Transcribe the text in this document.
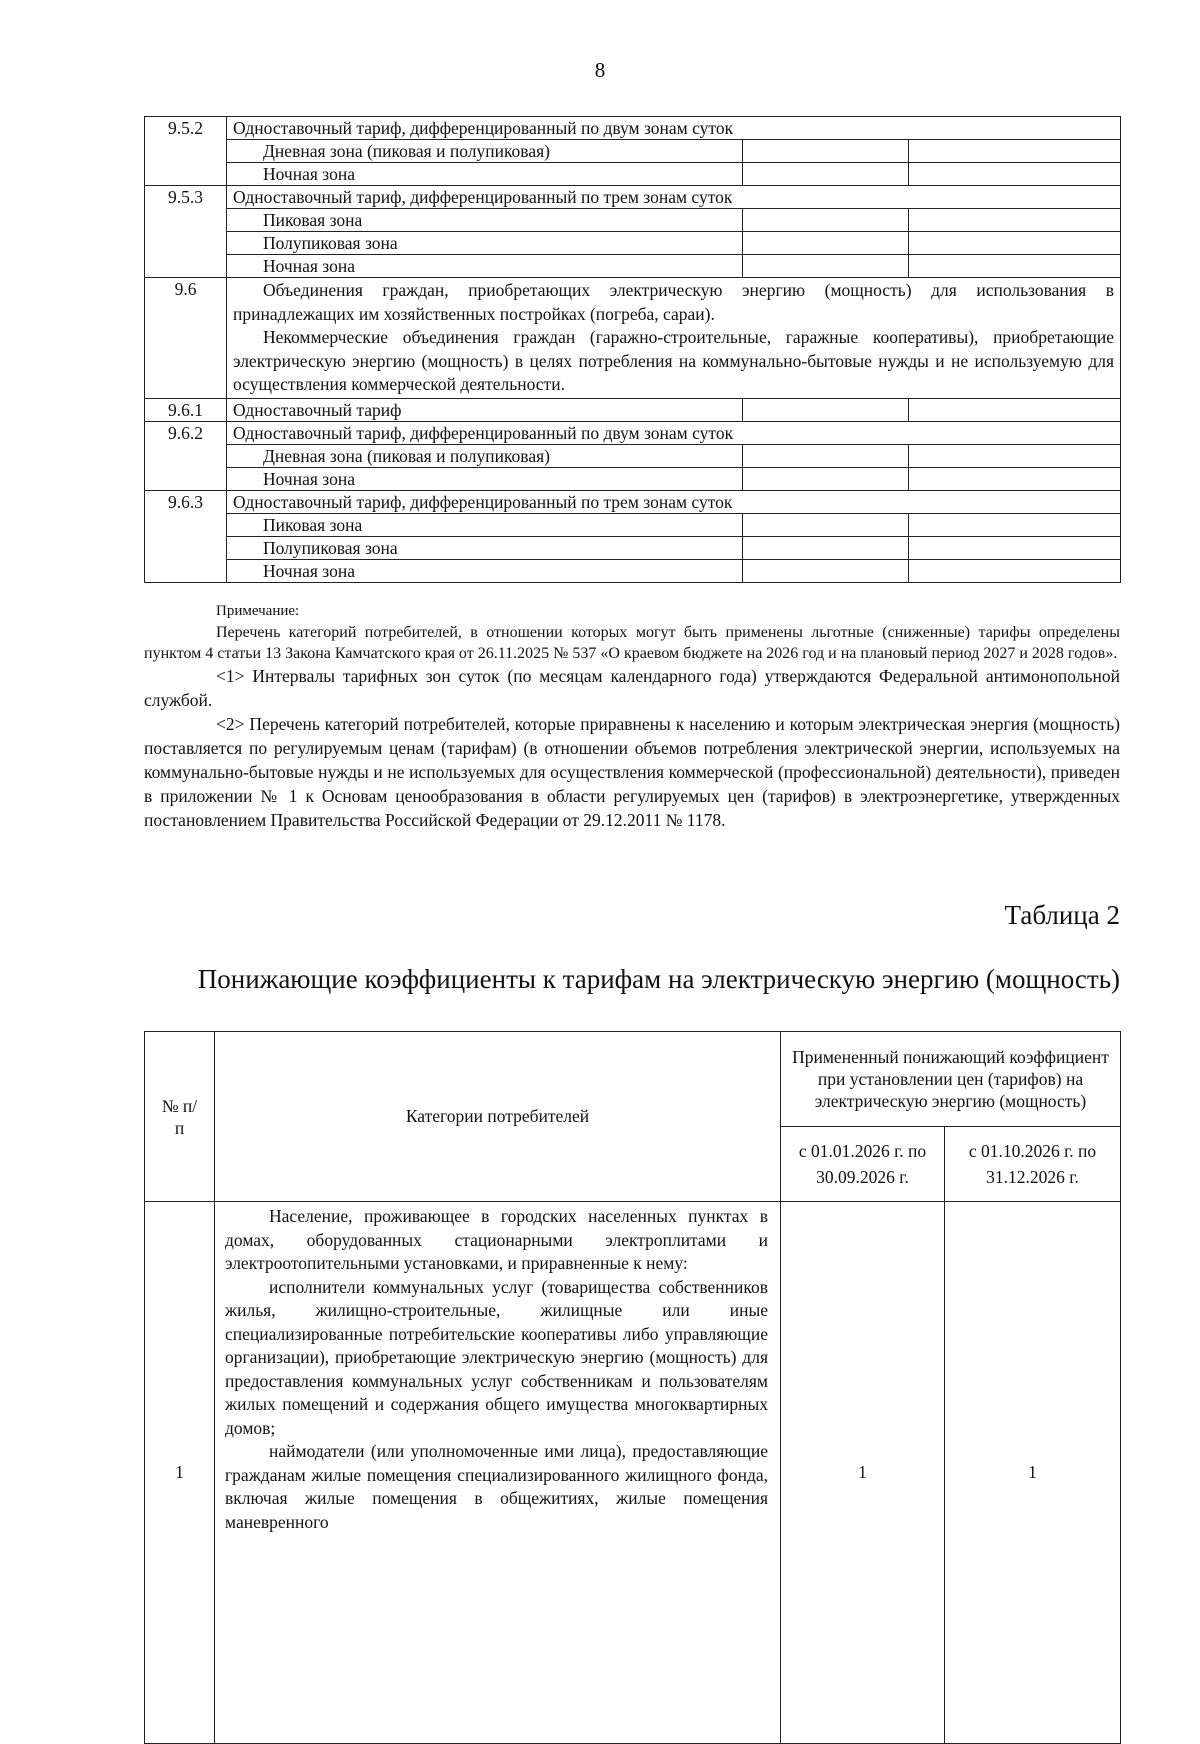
8
9.5.2	Одноставочный тариф, дифференцированный по двум зонам суток		
	Дневная зона (пиковая и полупиковая)		
	Ночная зона		
9.5.3	Одноставочный тариф, дифференцированный по трем зонам суток		
	Пиковая зона		
	Полупиковая зона		
	Ночная зона		
9.6	Объединения граждан, приобретающих электрическую энергию (мощность) для использования в принадлежащих им хозяйственных постройках (погреба, сараи).
Некоммерческие объединения граждан (гаражно-строительные, гаражные кооперативы), приобретающие электрическую энергию (мощность) в целях потребления на коммунально-бытовые нужды и не используемую для осуществления коммерческой деятельности.		

9.6.1	Одноставочный тариф		
9.6.2	Одноставочный тариф, дифференцированный по двум зонам суток		
	Дневная зона (пиковая и полупиковая)		
	Ночная зона		
9.6.3	Одноставочный тариф, дифференцированный по трем зонам суток		
	Пиковая зона		
	Полупиковая зона		
	Ночная зона		
Примечание:

Перечень категорий потребителей, в отношении которых могут быть применены льготные (сниженные) тарифы определены пунктом 4 статьи 13 Закона Камчатского края от 26.11.2025 № 537 «О краевом бюджете на 2026 год и на плановый период 2027 и 2028 годов».

<1> Интервалы тарифных зон суток (по месяцам календарного года) утверждаются Федеральной антимонопольной службой.

<2> Перечень категорий потребителей, которые приравнены к населению и которым электрическая энергия (мощность) поставляется по регулируемым ценам (тарифам) (в отношении объемов потребления электрической энергии, используемых на коммунально-бытовые нужды и не используемых для осуществления коммерческой (профессиональной) деятельности), приведен в приложении № 1 к Основам ценообразования в области регулируемых цен (тарифов) в электроэнергетике, утвержденных постановлением Правительства Российской Федерации от 29.12.2011 № 1178.

Таблица 2
Понижающие коэффициенты к тарифам на электрическую энергию (мощность)
№ п/п	Категории потребителей	Примененный понижающий коэффициент при установлении цен (тарифов) на электрическую энергию (мощность)	
		с 01.01.2026 г. по 30.09.2026 г.	с 01.10.2026 г. по 31.12.2026 г.
1	Население, проживающее в городских населенных пунктах в домах, оборудованных стационарными электроплитами и электроотопительными установками, и приравненные к нему:

исполнители коммунальных услуг (товарищества собственников жилья, жилищно-строительные, жилищные или иные специализированные потребительские кооперативы либо управляющие организации), приобретающие электрическую энергию (мощность) для предоставления коммунальных услуг собственникам и пользователям жилых помещений и содержания общего имущества многоквартирных домов;

наймодатели (или уполномоченные ими лица), предоставляющие гражданам жилые помещения специализированного жилищного фонда, включая жилые помещения в общежитиях, жилые помещения маневренного	1	1
